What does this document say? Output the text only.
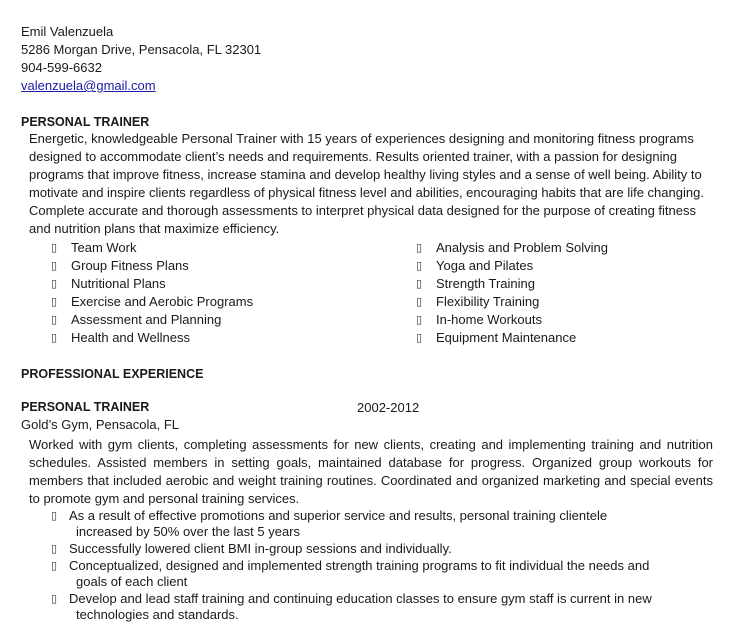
Emil Valenzuela
5286 Morgan Drive, Pensacola, FL 32301
904-599-6632
valenzuela@gmail.com
PERSONAL TRAINER
Energetic, knowledgeable Personal Trainer with 15 years of experiences designing and monitoring fitness programs designed to accommodate client’s needs and requirements. Results oriented trainer, with a passion for designing programs that improve fitness, increase stamina and develop healthy living styles and a sense of well being. Ability to motivate and inspire clients regardless of physical fitness level and abilities, encouraging habits that are life changing. Complete accurate and thorough assessments to interpret physical data designed for the purpose of creating fitness and nutrition plans that maximize efficiency.
▯ Team Work
▯ Group Fitness Plans
▯ Nutritional Plans
▯ Exercise and Aerobic Programs
▯ Assessment and Planning
▯ Health and Wellness
▯ Analysis and Problem Solving
▯ Yoga and Pilates
▯ Strength Training
▯ Flexibility Training
▯ In-home Workouts
▯ Equipment Maintenance
PROFESSIONAL EXPERIENCE
PERSONAL TRAINER	2002-2012
Gold’s Gym, Pensacola, FL
Worked with gym clients, completing assessments for new clients, creating and implementing training and nutrition schedules. Assisted members in setting goals, maintained database for progress. Organized group workouts for members that included aerobic and weight training routines. Coordinated and organized marketing and special events to promote gym and personal training services.
▯ As a result of effective promotions and superior service and results, personal training clientele
increased by 50% over the last 5 years
▯ Successfully lowered client BMI in-group sessions and individually.
▯ Conceptualized, designed and implemented strength training programs to fit individual the needs and
goals of each client
▯ Develop and lead staff training and continuing education classes to ensure gym staff is current in new
technologies and standards.
